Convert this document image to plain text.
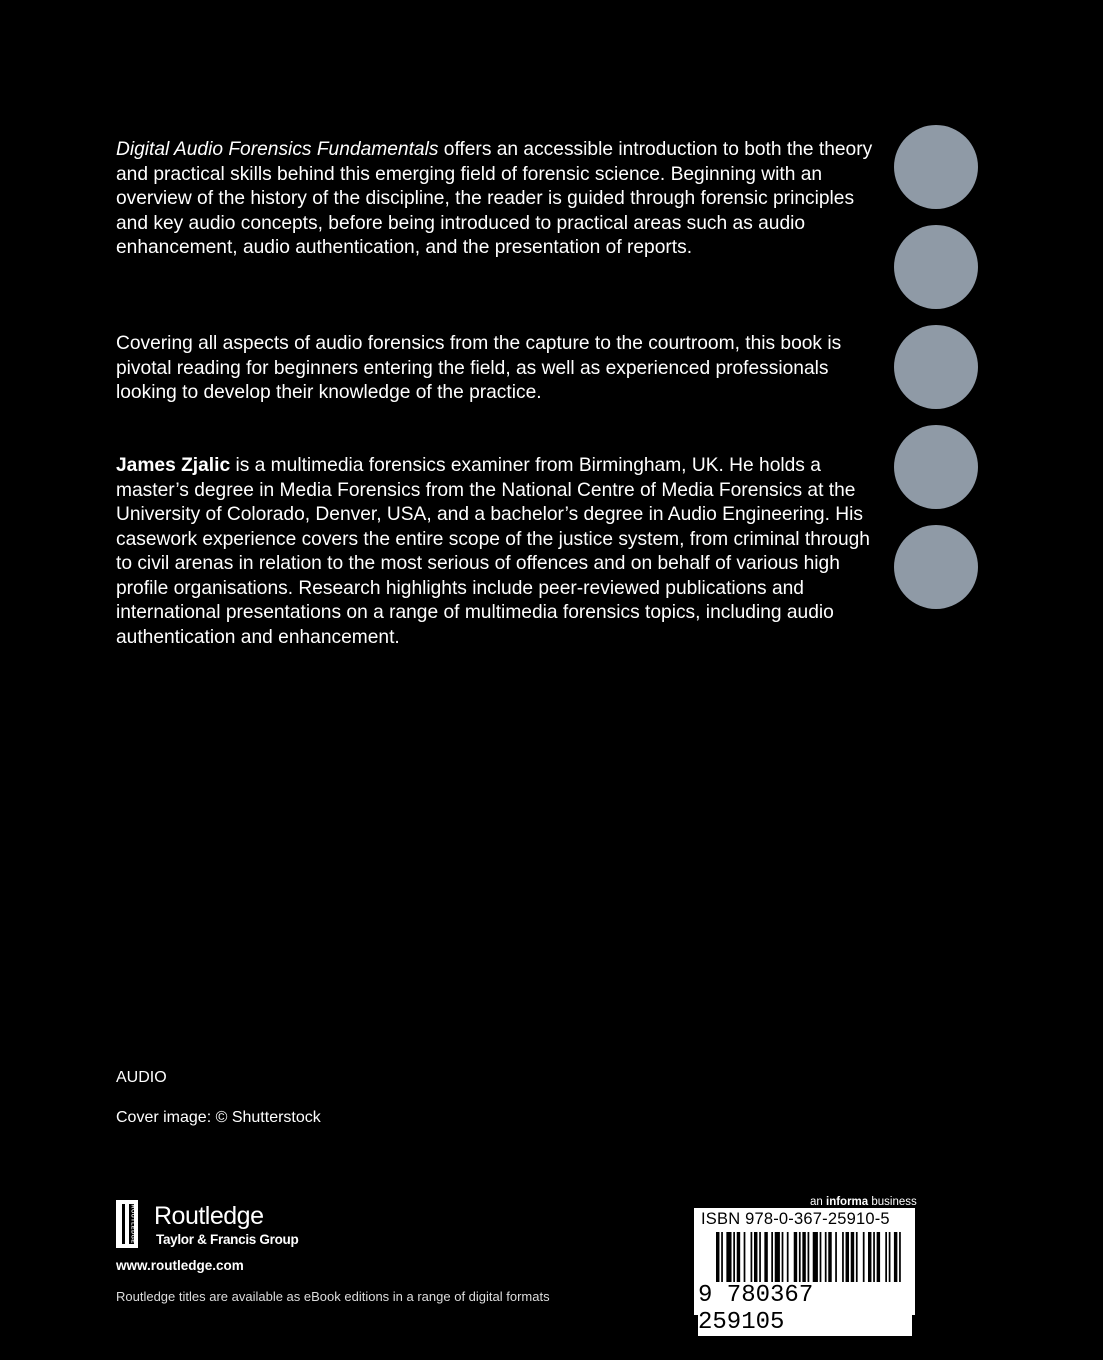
Digital Audio Forensics Fundamentals offers an accessible introduction to both the theory and practical skills behind this emerging field of forensic science. Beginning with an overview of the history of the discipline, the reader is guided through forensic principles and key audio concepts, before being introduced to practical areas such as audio enhancement, audio authentication, and the presentation of reports.

Covering all aspects of audio forensics from the capture to the courtroom, this book is pivotal reading for beginners entering the field, as well as experienced professionals looking to develop their knowledge of the practice.

James Zjalic is a multimedia forensics examiner from Birmingham, UK. He holds a master’s degree in Media Forensics from the National Centre of Media Forensics at the University of Colorado, Denver, USA, and a bachelor’s degree in Audio Engineering. His casework experience covers the entire scope of the justice system, from criminal through to civil arenas in relation to the most serious of offences and on behalf of various high profile organisations. Research highlights include peer-reviewed publications and international presentations on a range of multimedia forensics topics, including audio authentication and enhancement.

AUDIO
Cover image: © Shutterstock
ROUTLEDGE Routledge
Taylor & Francis Group
www.routledge.com
Routledge titles are available as eBook editions in a range of digital formats
an informa business
ISBN 978-0-367-25910-5
9 780367 259105
